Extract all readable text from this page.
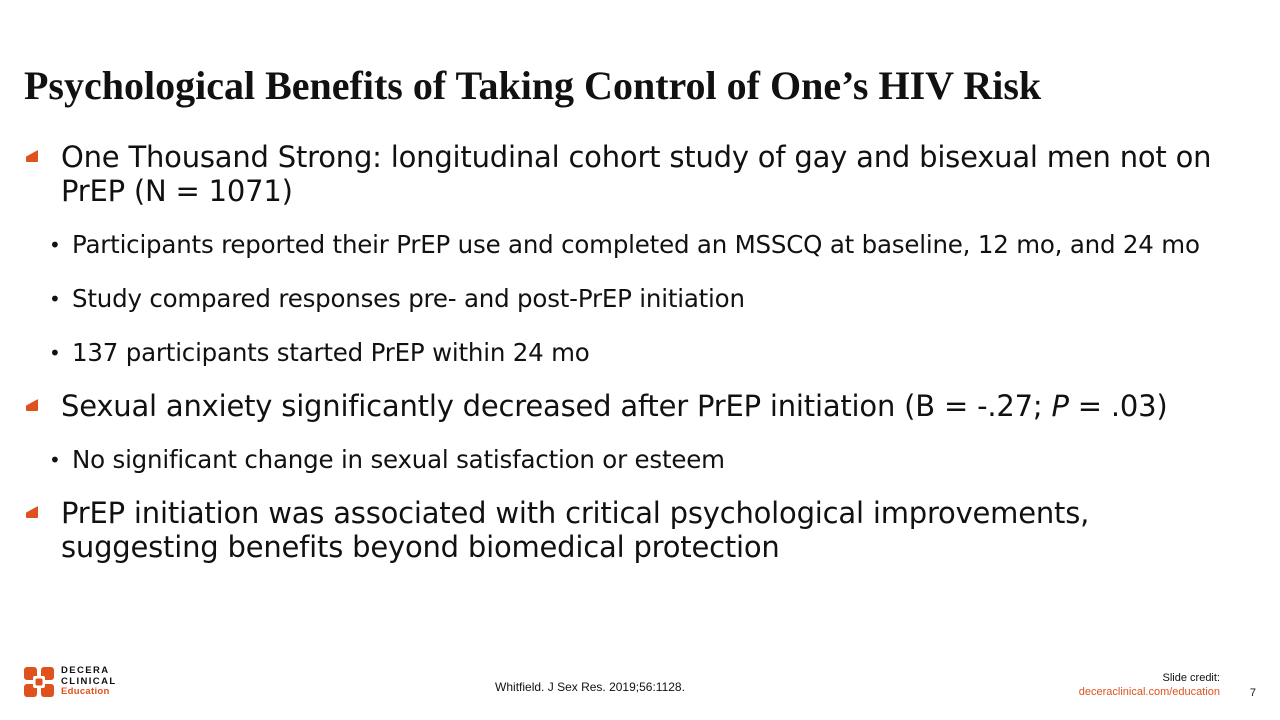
Psychological Benefits of Taking Control of One’s HIV Risk
One Thousand Strong: longitudinal cohort study of gay and bisexual men not on PrEP (N = 1071)
• Participants reported their PrEP use and completed an MSSCQ at baseline, 12 mo, and 24 mo
• Study compared responses pre- and post-PrEP initiation
• 137 participants started PrEP within 24 mo
Sexual anxiety significantly decreased after PrEP initiation (B = -.27; P = .03)
• No significant change in sexual satisfaction or esteem
PrEP initiation was associated with critical psychological improvements, suggesting benefits beyond biomedical protection
DECERA
CLINICAL
Education	Whitfield. J Sex Res. 2019;56:1128.
Slide credit:
deceraclinical.com/education	7
